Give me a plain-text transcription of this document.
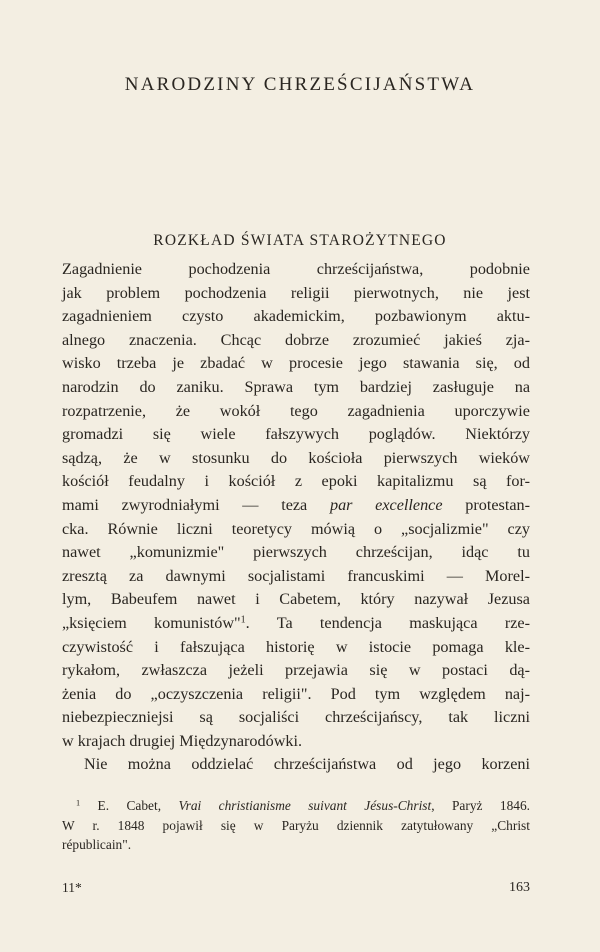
NARODZINY CHRZEŚCIJAŃSTWA
ROZKŁAD ŚWIATA STAROŻYTNEGO
Zagadnienie pochodzenia chrześcijaństwa, podobnie
jak problem pochodzenia religii pierwotnych, nie jest
zagadnieniem czysto akademickim, pozbawionym aktu-
alnego znaczenia. Chcąc dobrze zrozumieć jakieś zja-
wisko trzeba je zbadać w procesie jego stawania się, od
narodzin do zaniku. Sprawa tym bardziej zasługuje na
rozpatrzenie, że wokół tego zagadnienia uporczywie
gromadzi się wiele fałszywych poglądów. Niektórzy
sądzą, że w stosunku do kościoła pierwszych wieków
kościół feudalny i kościół z epoki kapitalizmu są for-
mami zwyrodniałymi — teza par excellence protestan-
cka. Równie liczni teoretycy mówią o „socjalizmie" czy
nawet „komunizmie" pierwszych chrześcijan, idąc tu
zresztą za dawnymi socjalistami francuskimi — Morel-
lym, Babeufem nawet i Cabetem, który nazywał Jezusa
„księciem komunistów"$^1$. Ta tendencja maskująca rze-
czywistość i fałszująca historię w istocie pomaga kle-
rykałom, zwłaszcza jeżeli przejawia się w postaci dą-
żenia do „oczyszczenia religii". Pod tym względem naj-
niebezpieczniejsi są socjaliści chrześcijańscy, tak liczni
w krajach drugiej Międzynarodówki.
Nie można oddzielać chrześcijaństwa od jego korzeni
$^1$ E. Cabet, Vrai christianisme suivant Jésus-Christ, Paryż 1846.
W r. 1848 pojawił się w Paryżu dziennik zatytułowany „Christ
républicain".
11*	163
